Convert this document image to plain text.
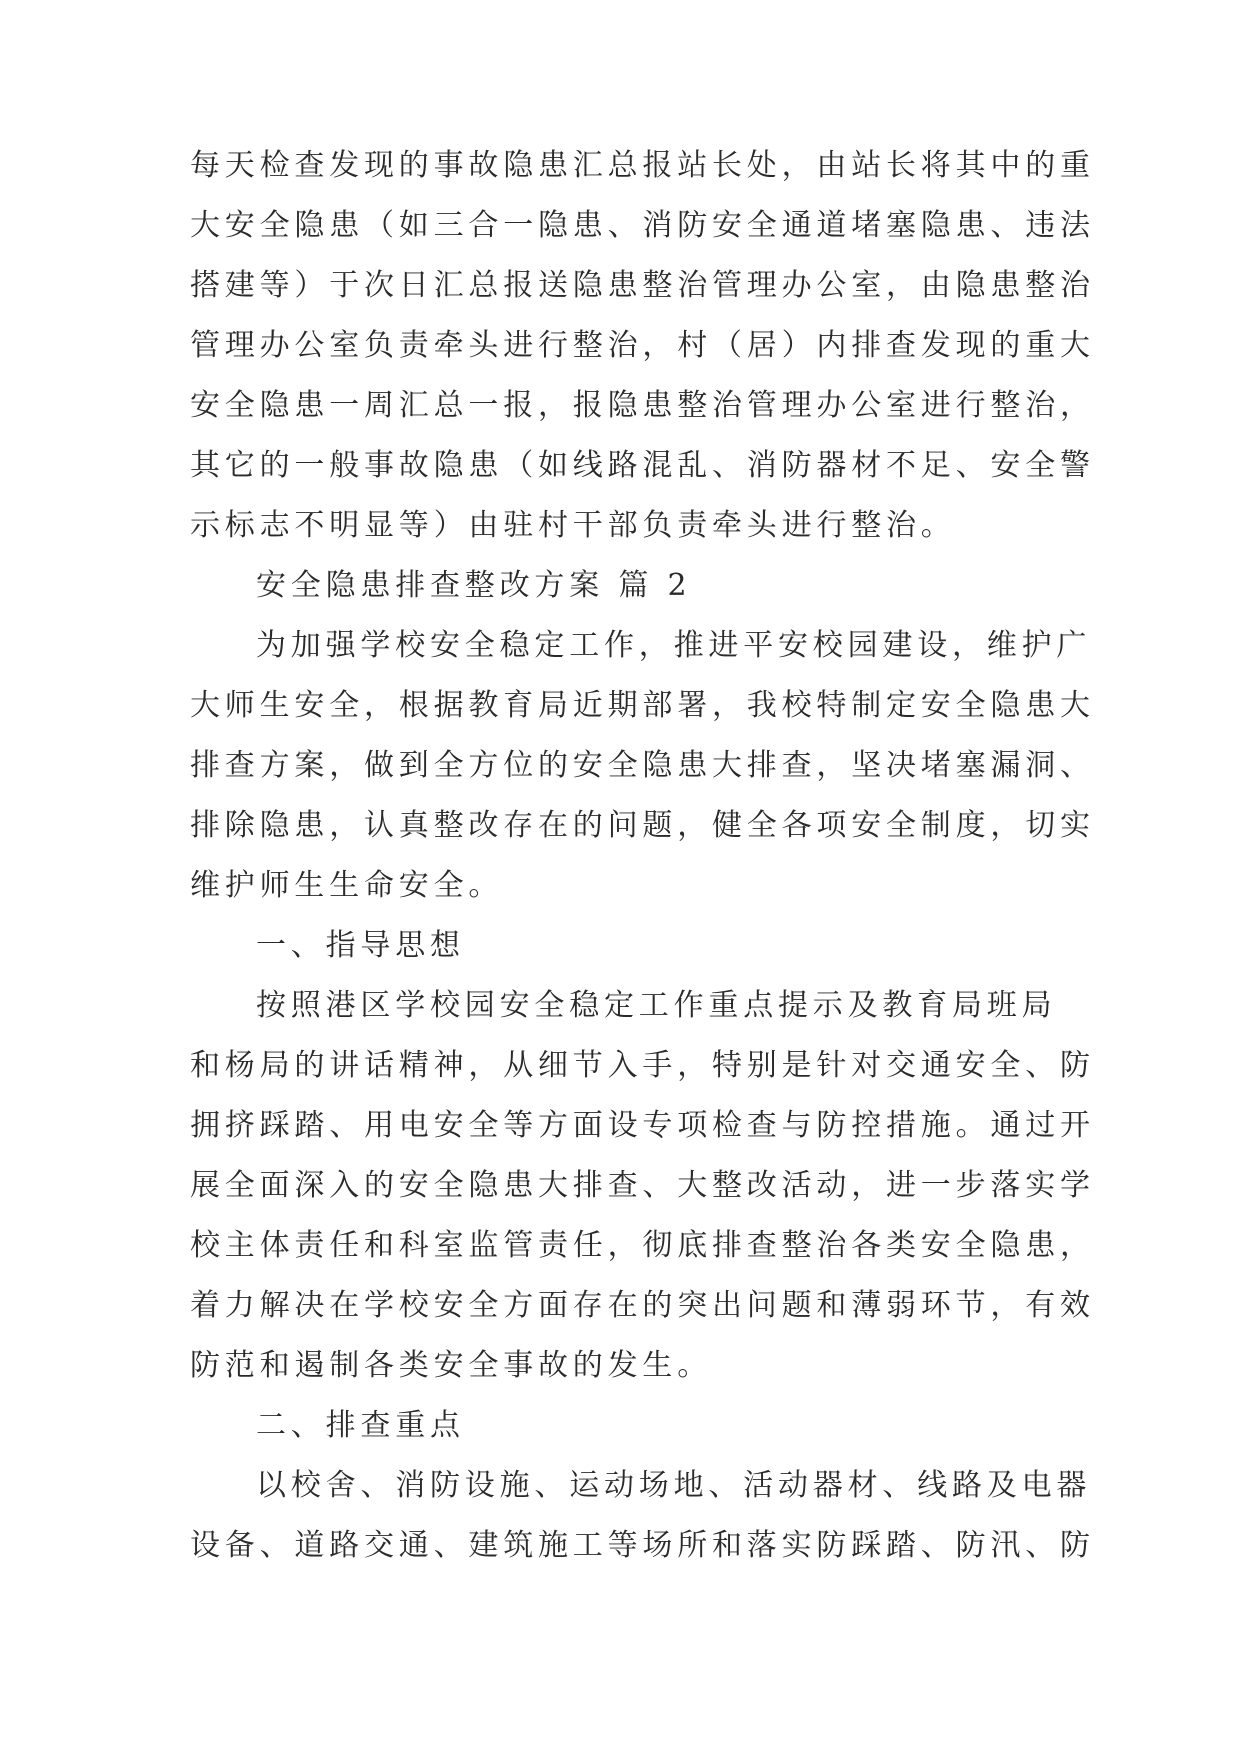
每天检查发现的事故隐患汇总报站长处，由站长将其中的重
大安全隐患（如三合一隐患、消防安全通道堵塞隐患、违法
搭建等）于次日汇总报送隐患整治管理办公室，由隐患整治
管理办公室负责牵头进行整治，村（居）内排查发现的重大
安全隐患一周汇总一报，报隐患整治管理办公室进行整治，
其它的一般事故隐患（如线路混乱、消防器材不足、安全警
示标志不明显等）由驻村干部负责牵头进行整治。
安全隐患排查整改方案 篇 2
为加强学校安全稳定工作，推进平安校园建设，维护广
大师生安全，根据教育局近期部署，我校特制定安全隐患大
排查方案，做到全方位的安全隐患大排查，坚决堵塞漏洞、
排除隐患，认真整改存在的问题，健全各项安全制度，切实
维护师生生命安全。
一、指导思想
按照港区学校园安全稳定工作重点提示及教育局班局
和杨局的讲话精神，从细节入手，特别是针对交通安全、防
拥挤踩踏、用电安全等方面设专项检查与防控措施。通过开
展全面深入的安全隐患大排查、大整改活动，进一步落实学
校主体责任和科室监管责任，彻底排查整治各类安全隐患，
着力解决在学校安全方面存在的突出问题和薄弱环节，有效
防范和遏制各类安全事故的发生。
二、排查重点
以校舍、消防设施、运动场地、活动器材、线路及电器
设备、道路交通、建筑施工等场所和落实防踩踏、防汛、防
